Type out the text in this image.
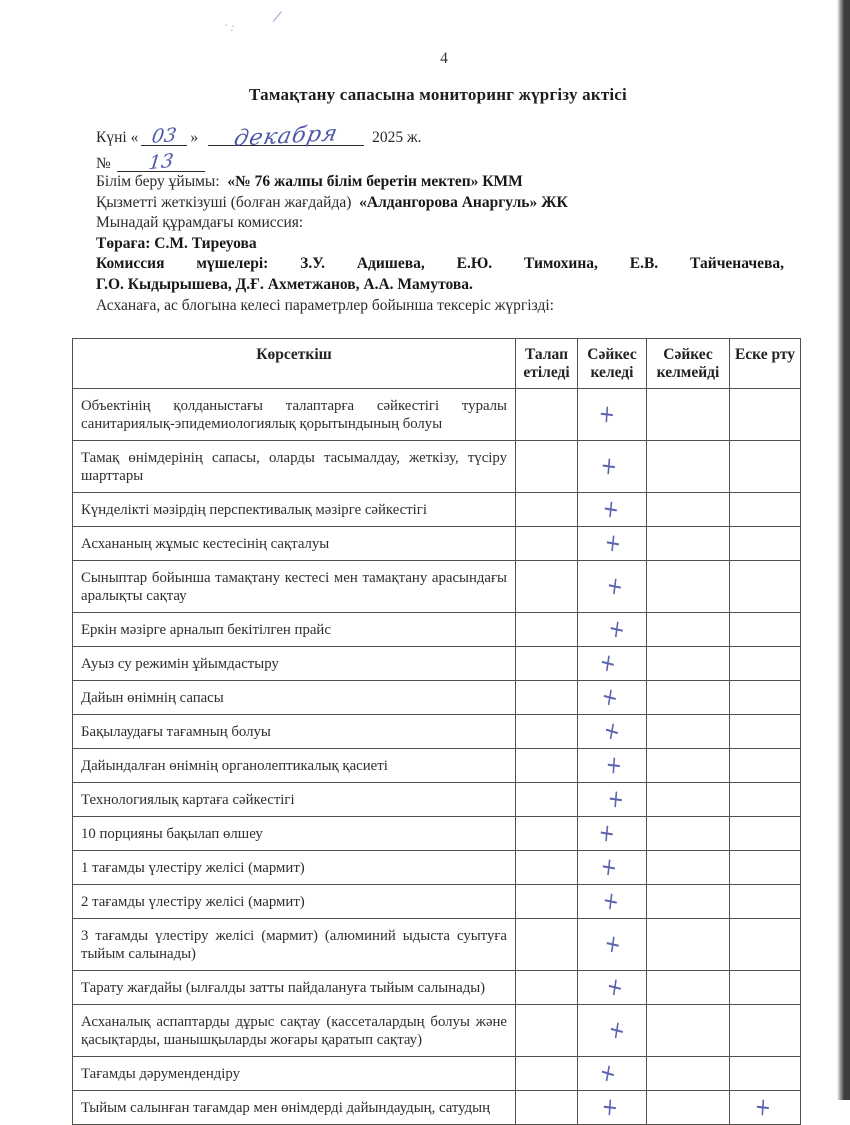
· :
⁄
4
Тамақтану сапасына мониторинг жүргізу актісі
Күні « 03 » декабря 2025 ж.
№ 13

Білім беру ұйымы: «№ 76 жалпы білім беретін мектеп» КММ

Қызметті жеткізуші (болған жағдайда) «Алдангорова Анаргуль» ЖК

Мынадай құрамдағы комиссия:

Төраға: С.М. Тиреуова

Комиссия мүшелері: З.У. Адишева, Е.Ю. Тимохина, Е.В. Тайченачева,

Г.О. Кыдырышева, Д.Ғ. Ахметжанов, А.А. Мамутова.

Асханаға, ас блогына келесі параметрлер бойынша тексеріс жүргізді:

Көрсеткіш	Талап етіледі	Сәйкес келеді	Сәйкес келмейді	Еске рту
Объектінің қолданыстағы талаптарға сәйкестігі туралы санитариялық-эпидемиологиялық қорытындының болуы		+		
Тамақ өнімдерінің сапасы, оларды тасымалдау, жеткізу, түсіру шарттары		+		
Күнделікті мәзірдің перспективалық мәзірге сәйкестігі		+		
Асхананың жұмыс кестесінің сақталуы		+		
Сыныптар бойынша тамақтану кестесі мен тамақтану арасындағы аралықты сақтау		+		
Еркін мәзірге арналып бекітілген прайс		+		
Ауыз су режимін ұйымдастыру		+		
Дайын өнімнің сапасы		+		
Бақылаудағы тағамның болуы		+		
Дайындалған өнімнің органолептикалық қасиеті		+		
Технологиялық картаға сәйкестігі		+		
10 порцияны бақылап өлшеу		+		
1 тағамды үлестіру желісі (мармит)		+		
2 тағамды үлестіру желісі (мармит)		+		
3 тағамды үлестіру желісі (мармит) (алюминий ыдыста суытуға тыйым салынады)		+		
Тарату жағдайы (ылғалды затты пайдалануға тыйым салынады)		+		
Асханалық аспаптарды дұрыс сақтау (кассеталардың болуы және қасықтарды, шанышқыларды жоғары қаратып сақтау)		+		
Тағамды дәрумендендіру		+		
Тыйым салынған тағамдар мен өнімдерді дайындаудың, сатудың		+		+
